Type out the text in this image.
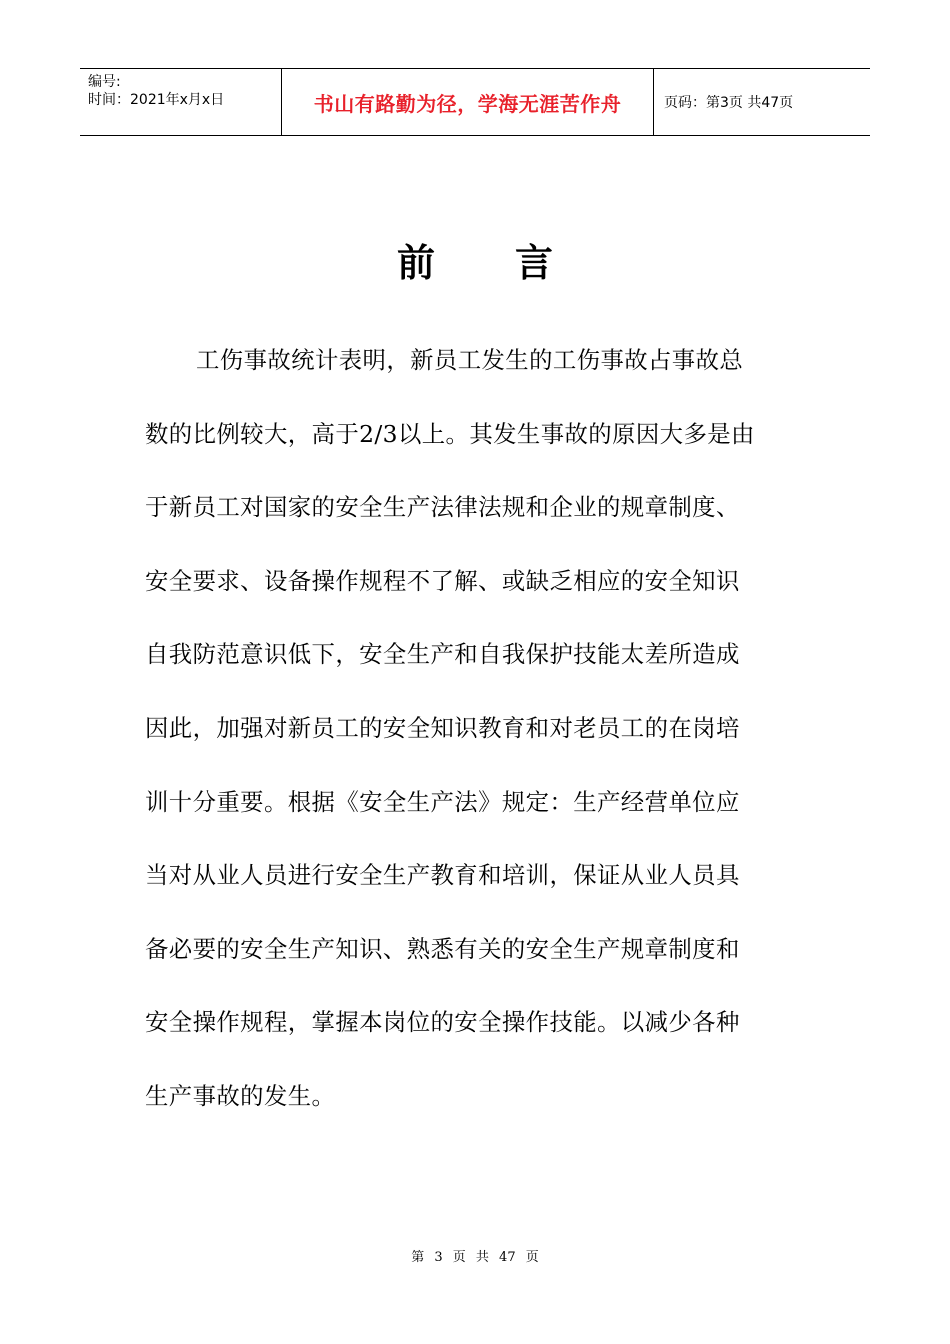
编号:
时间：2021年x月x日	书山有路勤为径，学海无涯苦作舟	页码：第3页 共47页
前言
工伤事故统计表明，新员工发生的工伤事故占事故总
数的比例较大，高于2/3以上。其发生事故的原因大多是由
于新员工对国家的安全生产法律法规和企业的规章制度、
安全要求、设备操作规程不了解、或缺乏相应的安全知识
自我防范意识低下，安全生产和自我保护技能太差所造成
因此，加强对新员工的安全知识教育和对老员工的在岗培
训十分重要。根据《安全生产法》规定：生产经营单位应
当对从业人员进行安全生产教育和培训，保证从业人员具
备必要的安全生产知识、熟悉有关的安全生产规章制度和
安全操作规程，掌握本岗位的安全操作技能。以减少各种
生产事故的发生。
第 3 页 共 47 页
